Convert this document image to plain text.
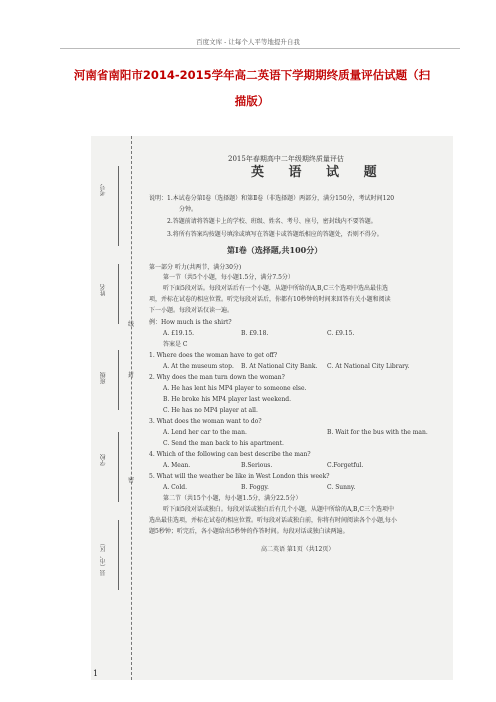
百度文库 - 让每个人平等地提升自我
河南省南阳市2014-2015学年高二英语下学期期终质量评估试题（扫
描版）
考号
姓名
班级
学校
县（市、区）
线
封
密
2015年春期高中二年级期终质量评估
英 语 试 题
说明：1.本试卷分第Ⅰ卷（选择题）和第Ⅱ卷（非选择题）两部分，满分150分，考试时间120
分钟。
2.答题前请将答题卡上的学校、班级、姓名、考号、座号，密封线内不要答题。
3.将所有答案均按题号填涂或填写在答题卡或答题纸相应的答题处，否则不得分。
第Ⅰ卷（选择题,共100分）
第一部分 听力(共两节，满分30分)
第一节（共5个小题，每小题1.5分，满分7.5分）
听下面5段对话。每段对话后有一个小题，从题中所给的A,B,C三个选项中选出最佳选
项，并标在试卷的相应位置。听完每段对话后，你都有10秒钟的时间来回答有关小题和阅读
下一小题。每段对话仅读一遍。
例：How much is the shirt?
A. £19.15.	B. £9.18.	C. £9.15.
答案是 C
1. Where does the woman have to get off?
A. At the museum stop. B. At National City Bank. C. At National City Library.
2. Why does the man turn down the woman?
A. He has lent his MP4 player to someone else.
B. He broke his MP4 player last weekend.
C. He has no MP4 player at all.
3. What does the woman want to do?
A. Lend her car to the man.	B. Wait for the bus with the man.
C. Send the man back to his apartment.
4. Which of the following can best describe the man?
A. Mean.	B.Serious.	C.Forgetful.
5. What will the weather be like in West London this week?
A. Cold.	B. Foggy.	C. Sunny.
第二节（共15个小题，每小题1.5分，满分22.5分）
听下面5段对话或独白。每段对话或独白后有几个小题，从题中所给的A,B,C三个选项中
选出最佳选项，并标在试卷的相应位置。听每段对话或独白前，你将有时间阅读各个小题,每小
题5秒钟；听完后，各小题给出5秒钟的作答时间。每段对话或独白读两遍。
高二英语 第1页（共12页）
1
